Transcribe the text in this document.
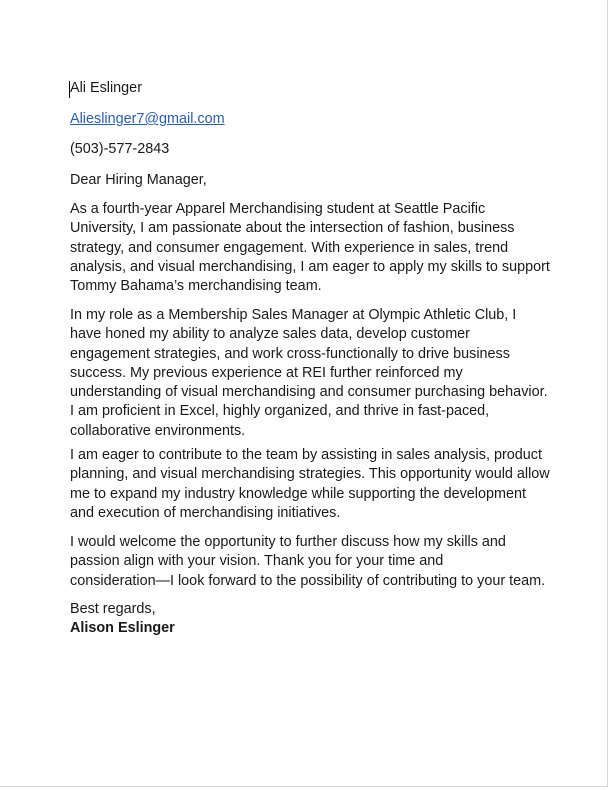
Ali Eslinger
Alieslinger7@gmail.com
(503)-577-2843
Dear Hiring Manager,
As a fourth-year Apparel Merchandising student at Seattle Pacific
University, I am passionate about the intersection of fashion, business
strategy, and consumer engagement. With experience in sales, trend
analysis, and visual merchandising, I am eager to apply my skills to support
Tommy Bahama’s merchandising team.
In my role as a Membership Sales Manager at Olympic Athletic Club, I
have honed my ability to analyze sales data, develop customer
engagement strategies, and work cross-functionally to drive business
success. My previous experience at REI further reinforced my
understanding of visual merchandising and consumer purchasing behavior.
I am proficient in Excel, highly organized, and thrive in fast-paced,
collaborative environments.
I am eager to contribute to the team by assisting in sales analysis, product
planning, and visual merchandising strategies. This opportunity would allow
me to expand my industry knowledge while supporting the development
and execution of merchandising initiatives.
I would welcome the opportunity to further discuss how my skills and
passion align with your vision. Thank you for your time and
consideration—I look forward to the possibility of contributing to your team.
Best regards,
Alison Eslinger
